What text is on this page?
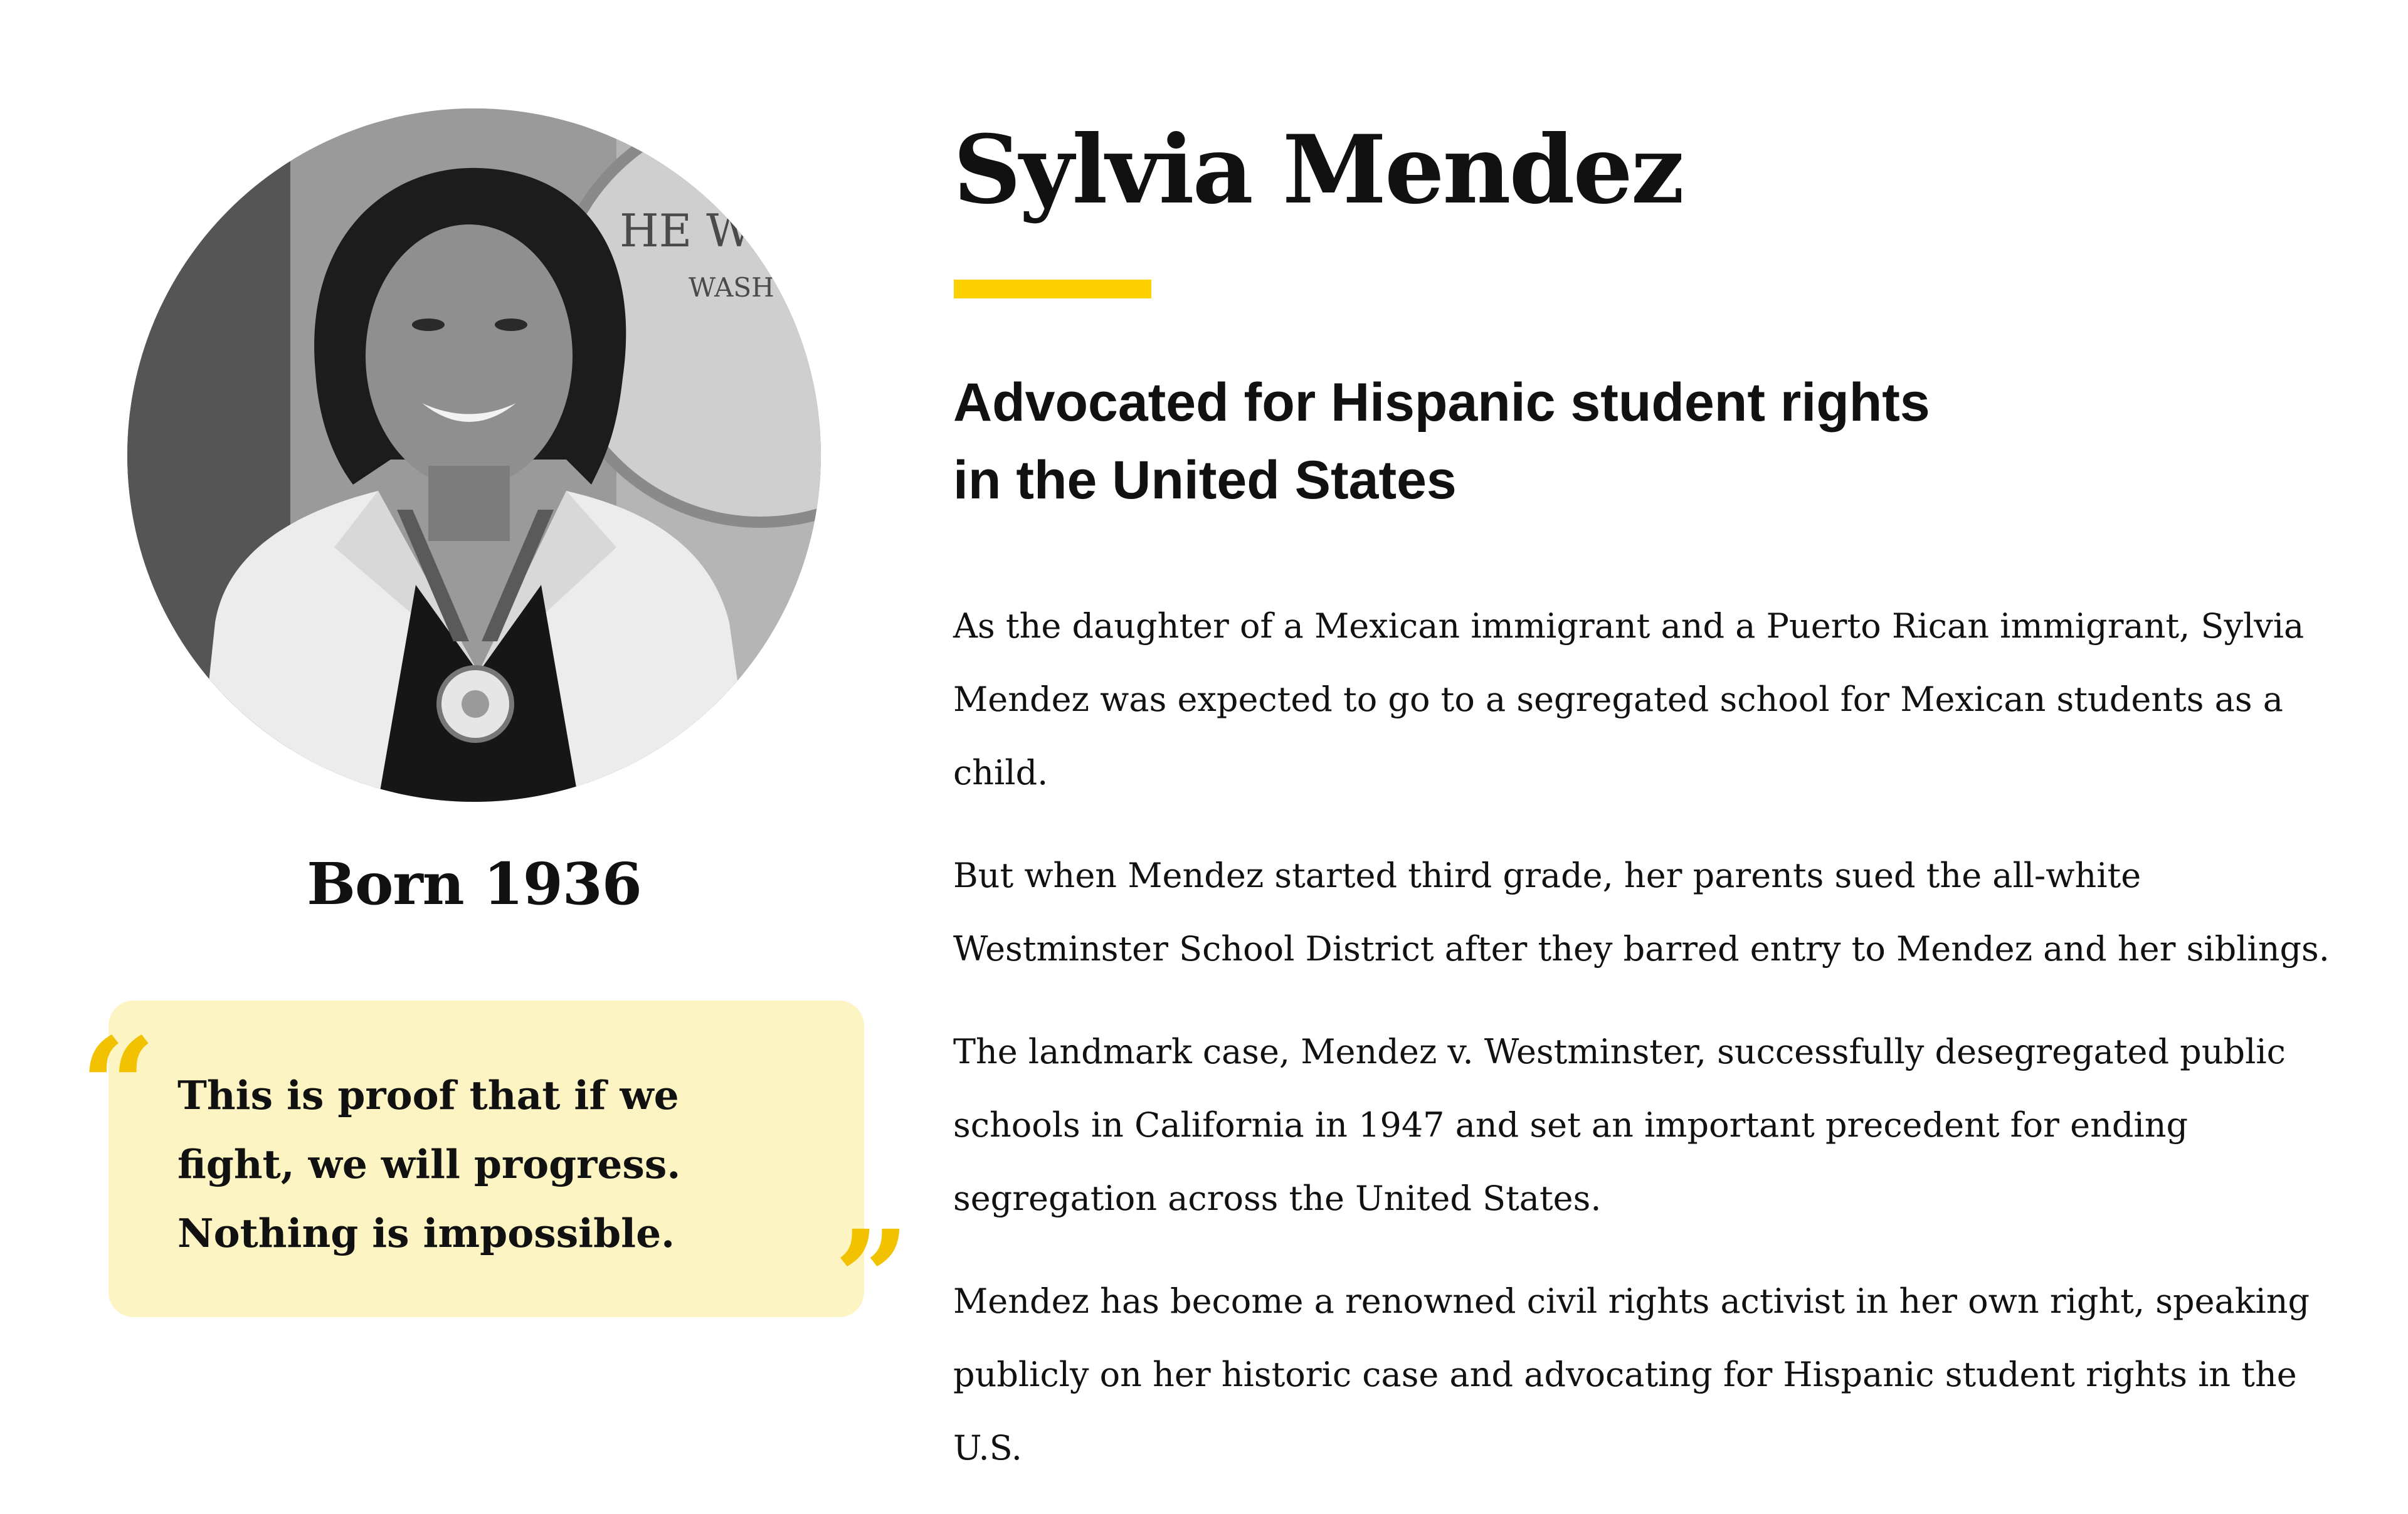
HE WH
WASH
Born 1936

This is proof that if we fight, we will progress. Nothing is impossible.

“
”
Sylvia Mendez
Advocated for Hispanic student rights
in the United States

As the daughter of a Mexican immigrant and a Puerto Rican immigrant, Sylvia Mendez was expected to go to a segregated school for Mexican students as a child.

But when Mendez started third grade, her parents sued the all-white Westminster School District after they barred entry to Mendez and her siblings.

The landmark case, Mendez v. Westminster, successfully desegregated public schools in California in 1947 and set an important precedent for ending segregation across the United States.

Mendez has become a renowned civil rights activist in her own right, speaking publicly on her historic case and advocating for Hispanic student rights in the U.S.
